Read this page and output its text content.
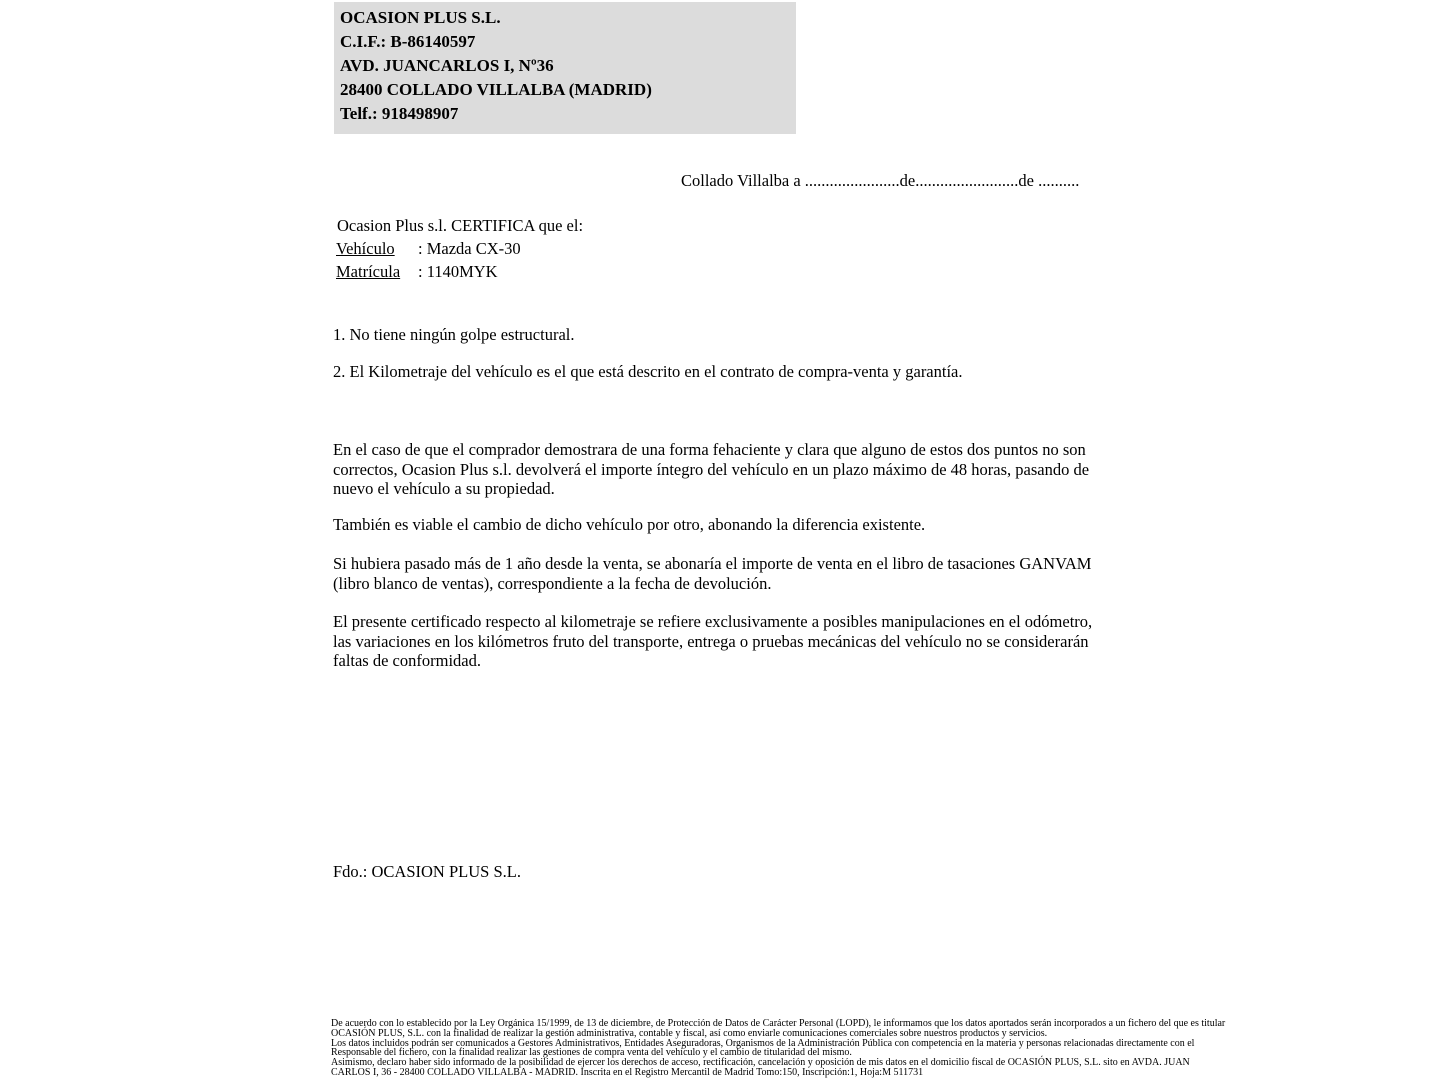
OCASION PLUS S.L.
C.I.F.: B-86140597
AVD. JUANCARLOS I, Nº36
28400 COLLADO VILLALBA (MADRID)
Telf.: 918498907
Collado Villalba a .......................de.........................de ..........
Ocasion Plus s.l. CERTIFICA que el:
Vehículo : Mazda CX-30
Matrícula : 1140MYK
1. No tiene ningún golpe estructural.
2. El Kilometraje del vehículo es el que está descrito en el contrato de compra-venta y garantía.
En el caso de que el comprador demostrara de una forma fehaciente y clara que alguno de estos dos puntos no son correctos, Ocasion Plus s.l. devolverá el importe íntegro del vehículo en un plazo máximo de 48 horas, pasando de nuevo el vehículo a su propiedad.
También es viable el cambio de dicho vehículo por otro, abonando la diferencia existente.
Si hubiera pasado más de 1 año desde la venta, se abonaría el importe de venta en el libro de tasaciones GANVAM (libro blanco de ventas), correspondiente a la fecha de devolución.
El presente certificado respecto al kilometraje se refiere exclusivamente a posibles manipulaciones en el odómetro, las variaciones en los kilómetros fruto del transporte, entrega o pruebas mecánicas del vehículo no se considerarán faltas de conformidad.
Fdo.: OCASION PLUS S.L.
De acuerdo con lo establecido por la Ley Orgánica 15/1999, de 13 de diciembre, de Protección de Datos de Carácter Personal (LOPD), le informamos que los datos aportados serán incorporados a un fichero del que es titular
OCASIÓN PLUS, S.L. con la finalidad de realizar la gestión administrativa, contable y fiscal, así como enviarle comunicaciones comerciales sobre nuestros productos y servicios.
Los datos incluidos podrán ser comunicados a Gestores Administrativos, Entidades Aseguradoras, Organismos de la Administración Pública con competencia en la materia y personas relacionadas directamente con el
Responsable del fichero, con la finalidad realizar las gestiones de compra venta del vehículo y el cambio de titularidad del mismo.
Asimismo, declaro haber sido informado de la posibilidad de ejercer los derechos de acceso, rectificación, cancelación y oposición de mis datos en el domicilio fiscal de OCASIÓN PLUS, S.L. sito en AVDA. JUAN
CARLOS I, 36 - 28400 COLLADO VILLALBA - MADRID. Inscrita en el Registro Mercantil de Madrid Tomo:150, Inscripción:1, Hoja:M 511731
